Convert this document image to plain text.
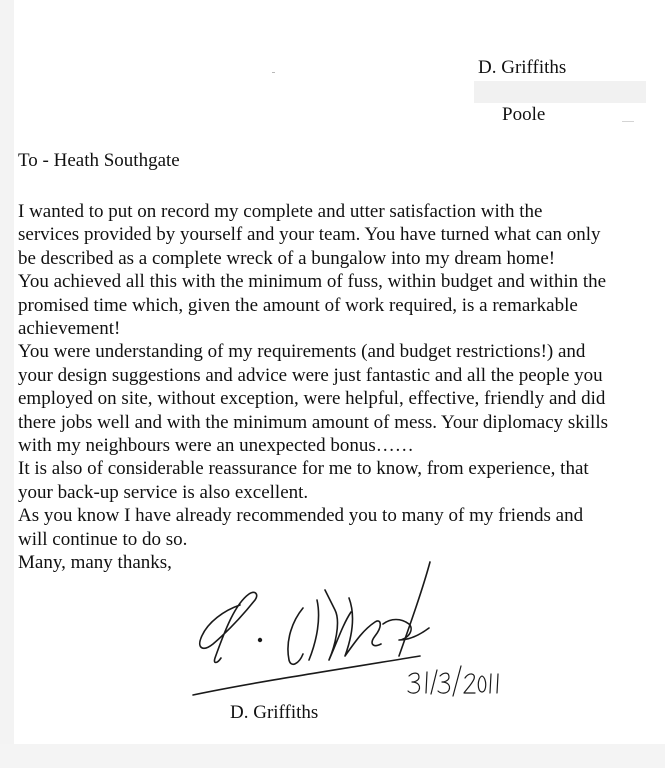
D. Griffiths
Poole
To - Heath Southgate
I wanted to put on record my complete and utter satisfaction with the
services provided by yourself and your team. You have turned what can only
be described as a complete wreck of a bungalow into my dream home!
You achieved all this with the minimum of fuss, within budget and within the
promised time which, given the amount of work required, is a remarkable
achievement!
You were understanding of my requirements (and budget restrictions!) and
your design suggestions and advice were just fantastic and all the people you
employed on site, without exception, were helpful, effective, friendly and did
there jobs well and with the minimum amount of mess. Your diplomacy skills
with my neighbours were an unexpected bonus……
It is also of considerable reassurance for me to know, from experience, that
your back-up service is also excellent.
As you know I have already recommended you to many of my friends and
will continue to do so.
Many, many thanks,
D. Griffiths
